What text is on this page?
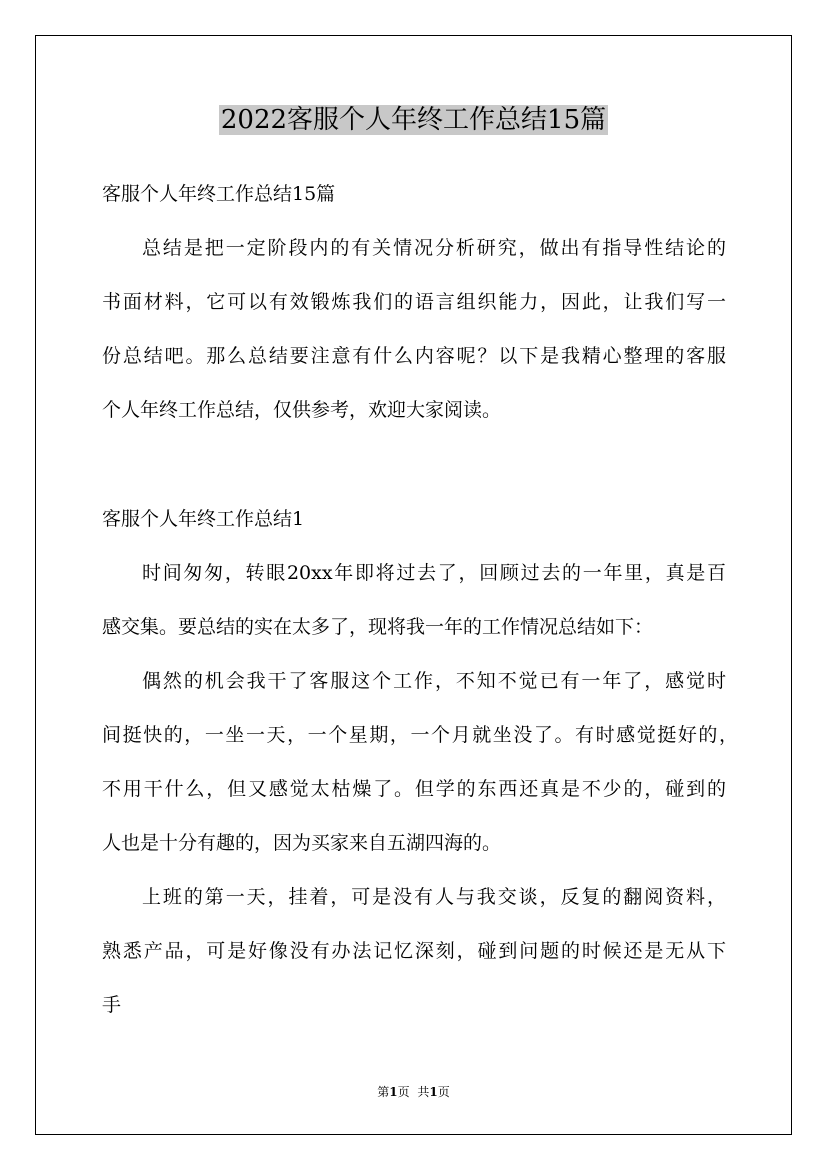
2022客服个人年终工作总结15篇
客服个人年终工作总结15篇
总结是把一定阶段内的有关情况分析研究，做出有指导性结论的
书面材料，它可以有效锻炼我们的语言组织能力，因此，让我们写一
份总结吧。那么总结要注意有什么内容呢？以下是我精心整理的客服
个人年终工作总结，仅供参考，欢迎大家阅读。
客服个人年终工作总结1
时间匆匆，转眼20xx年即将过去了，回顾过去的一年里，真是百
感交集。要总结的实在太多了，现将我一年的工作情况总结如下：
偶然的机会我干了客服这个工作，不知不觉已有一年了，感觉时
间挺快的，一坐一天，一个星期，一个月就坐没了。有时感觉挺好的，
不用干什么，但又感觉太枯燥了。但学的东西还真是不少的，碰到的
人也是十分有趣的，因为买家来自五湖四海的。
上班的第一天，挂着，可是没有人与我交谈，反复的翻阅资料，
熟悉产品，可是好像没有办法记忆深刻，碰到问题的时候还是无从下
手
第1页 共1页
